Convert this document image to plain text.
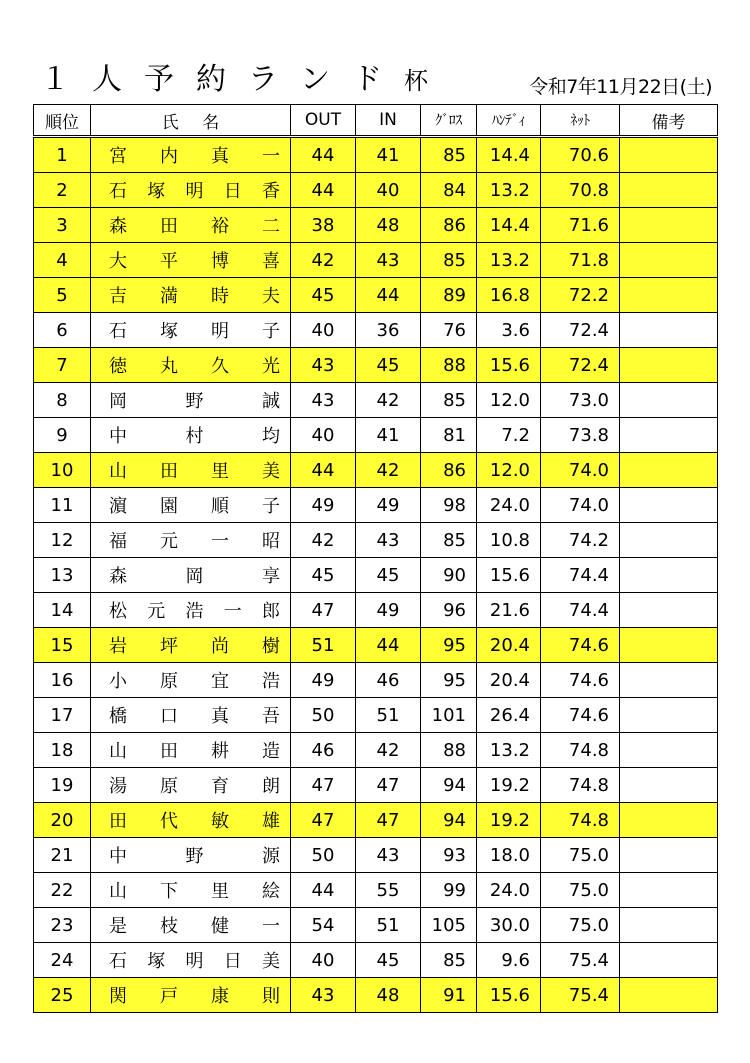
１人予約ランド杯	令和7年11月22日(土)
順位	氏 名	OUT	IN	ｸﾞﾛｽ	ﾊﾝﾃﾞｨ	ﾈｯﾄ	備考
1	宮 内 真 一	44	41	85	14.4	70.6	
2	石 塚 明 日 香	44	40	84	13.2	70.8	
3	森 田 裕 二	38	48	86	14.4	71.6	
4	大 平 博 喜	42	43	85	13.2	71.8	
5	吉 満 時 夫	45	44	89	16.8	72.2	
6	石 塚 明 子	40	36	76	3.6	72.4	
7	徳 丸 久 光	43	45	88	15.6	72.4	
8	岡 野 誠	43	42	85	12.0	73.0	
9	中 村 均	40	41	81	7.2	73.8	
10	山 田 里 美	44	42	86	12.0	74.0	
11	濵 園 順 子	49	49	98	24.0	74.0	
12	福 元 一 昭	42	43	85	10.8	74.2	
13	森 岡 享	45	45	90	15.6	74.4	
14	松 元 浩 一 郎	47	49	96	21.6	74.4	
15	岩 坪 尚 樹	51	44	95	20.4	74.6	
16	小 原 宜 浩	49	46	95	20.4	74.6	
17	橋 口 真 吾	50	51	101	26.4	74.6	
18	山 田 耕 造	46	42	88	13.2	74.8	
19	湯 原 育 朗	47	47	94	19.2	74.8	
20	田 代 敏 雄	47	47	94	19.2	74.8	
21	中 野 源	50	43	93	18.0	75.0	
22	山 下 里 絵	44	55	99	24.0	75.0	
23	是 枝 健 一	54	51	105	30.0	75.0	
24	石 塚 明 日 美	40	45	85	9.6	75.4	
25	関 戸 康 則	43	48	91	15.6	75.4	
